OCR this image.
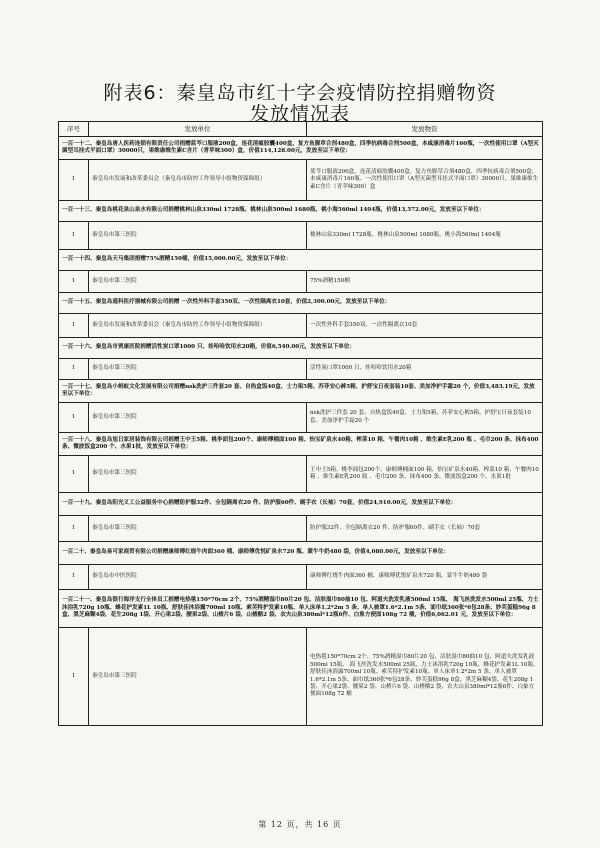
附表6：秦皇岛市红十字会疫情防控捐赠物资
发放情况表
序号	发放单位	发放物资
一百一十二、秦皇岛唐人医药连锁有限责任公司捐赠蓝芩口服液200盒，连花清瘟胶囊400盒，复方鱼腥草合剂480盒，四季抗病毒合剂500盒，本咸康消毒片160瓶，一次性使用口罩（A型灭菌型耳挂式平面口罩）30000只，果维康维生素C含片（青苹味300）盒，价值114,128.00元，发放至以下单位：		
1	秦皇岛市发展和改革委员会（秦皇岛市防控工作领导小组物资保障组）	蓝芩口服液200盒、连花清瘟胶囊400盒、复方鱼腥草合剂480盒、四季抗病毒合剂500盒、本咸康消毒片160瓶、一次性使用口罩（A型灭菌型耳挂式平面口罩）30000只、果维康维生素C含片（青苹味300）盒
一百一十三、秦皇岛桃花泉山泉水有限公司捐赠桃林山泉330ml 1728瓶、桃林山泉500ml 1680瓶、桃小海560ml 1404瓶，价值13,572.00元，发放至以下单位：		
1	秦皇岛市第三医院	桃林山泉330ml 1728瓶、桃林山泉500ml 1680瓶、桃小海560ml 1404瓶
一百一十四、秦皇岛天马集团捐赠75%酒精150桶，价值15,000.00元，发放至以下单位：		
1	秦皇岛市第三医院	75%酒精150桶
一百一十五、秦皇岛通科医疗器械有限公司捐赠 一次性外科手套350双、一次性隔离衣10套，价值2,300.00元，发放至以下单位：		
1	秦皇岛市发展和改革委员会（秦皇岛市防控工作领导小组物资保障组）	一次性外科手套350双、一次性隔离衣10套
一百一十六、秦皇岛市贾康医院捐赠活性炭口罩1000 只、娃哈哈饮用水20箱，价值6,540.00元，发放至以下单位：		
1	秦皇岛市第三医院	活性炭口罩1000 只、娃哈哈饮用水20箱
一百一十七、秦皇岛小蚂蚁文化发展有限公司捐赠nsk洗护三件套20 套、自热盒饭40盒、士力架5箱、苏菲安心裤5箱、护舒宝日夜套装10套、美加净护手霜20 个，价值3,483.19元，发放至以下单位：		
1	秦皇岛市第三医院	nsk洗护三件套 20 套、自热盒饭40盒、士力架5箱、苏菲安心裤5箱、护舒宝日夜套装10套、美加净护手霜20 个
一百一十八、秦皇岛旭日家居装饰有限公司捐赠王中王5箱、桃李面包200个、康师傅桶面100 箱、怡宝矿泉水40箱、榨菜10 箱、午餐肉10箱 、维生素E乳200 瓶 、毛巾200 条、抹布400 条、微波饭盒200 个、水果1批，发放至以下单位：		
1	秦皇岛市第三医院	王中王5箱、桃李面包200个、康师傅桶面100 箱、怡宝矿泉水40箱、榨菜10 箱、午餐肉10箱 、维生素E乳200 瓶 、毛巾200 条、抹布400 条、微波饭盒200 个、水果1批
一百一十九、秦皇岛阳光义工公益服务中心捐赠防护服32件、全包隔离衣20 件、防护服60件、刷手衣（长袖）70套，价值24,910.00元，发放至以下单位：		
1	秦皇岛市第三医院	防护服32件、全包隔离衣20 件、防护服60件、刷手衣（长袖）70套
一百二十、秦皇岛易可家商贸有限公司捐赠康师傅红烧牛肉面360 桶、康师傅优悦矿泉水720 瓶、蒙牛牛奶480 袋，价值4,080.00元，发放至以下单位：		
1	秦皇岛市中医医院	康师傅红烧牛肉面360 桶、康师傅优悦矿泉水720 瓶、蒙牛牛奶480 袋
一百二十一、秦皇岛银行海洋支行全体员工捐赠电热毯150*70cm 2个、75%酒精湿巾80片20 包、洁肤湿巾80抽10 包、阿道夫洗发乳液500ml 15瓶、 海飞丝洗发水500ml 25瓶、力士沐浴乳720g 10瓶、蜂花护发素1L 10瓶、舒肤佳沐浴露700ml 10瓶、索芙特护发素10瓶、单人床单1.2*2m 5 条、单人被罩1.6*2.1m 5条、面巾纸360张*6包28条、妙芙蛋糕96g 8盒、黑芝麻糊4袋、花生208g 1袋、开心果2袋、腰果2袋、山楂片6 袋、山楂酪2 袋、农夫山泉380ml*12瓶6件、白象方便面108g 72 桶，价值6,062.01 元，发放至以下单位：		
1	秦皇岛市第三医院	电热毯150*70cm 2个、75%酒精湿巾80片20 包、洁肤湿巾80抽10 包、阿道夫洗发乳液500ml 15瓶、 海飞丝洗发水500ml 25瓶、力士沐浴乳720g 10瓶、蜂花护发素1L 10瓶、舒肤佳沐浴露700ml 10瓶、索芙特护发素10瓶、单人床单1.2*2m 5 条、单人被罩1.6*2.1m 5条、面巾纸360张*6包28条、妙芙蛋糕96g 8盒、黑芝麻糊4袋、花生208g 1袋、开心果2袋、腰果2 袋、山楂片6 袋、山楂酪2 袋、农夫山泉380ml*12瓶6件、白象方便面108g 72 桶
第 12 页，共 16 页
